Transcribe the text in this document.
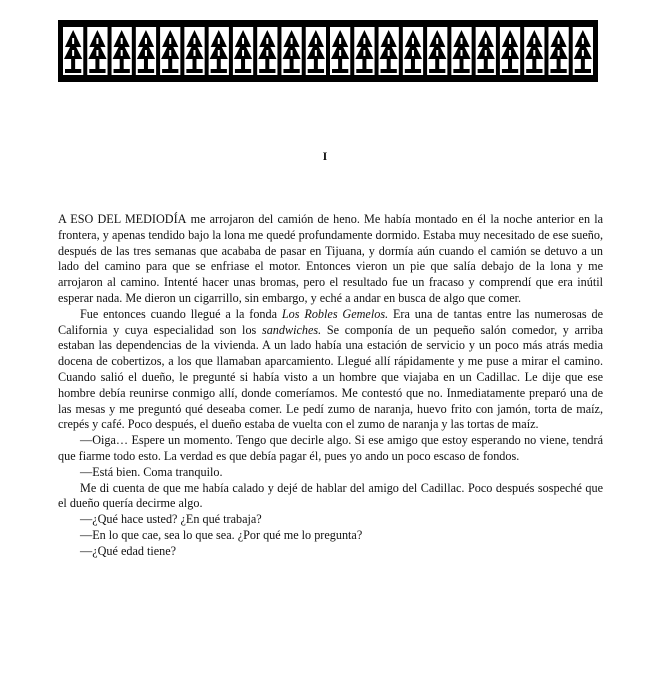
I

A ESO DEL MEDIODÍA me arrojaron del camión de heno. Me había montado en él la noche anterior en la frontera, y apenas tendido bajo la lona me quedé profundamente dormido. Estaba muy necesitado de ese sueño, después de las tres semanas que acababa de pasar en Tijuana, y dormía aún cuando el camión se detuvo a un lado del camino para que se enfriase el motor. Entonces vieron un pie que salía debajo de la lona y me arrojaron al camino. Intenté hacer unas bromas, pero el resultado fue un fracaso y comprendí que era inútil esperar nada. Me dieron un cigarrillo, sin embargo, y eché a andar en busca de algo que comer.

Fue entonces cuando llegué a la fonda Los Robles Gemelos. Era una de tantas entre las numerosas de California y cuya especialidad son los sandwiches. Se componía de un pequeño salón comedor, y arriba estaban las dependencias de la vivienda. A un lado había una estación de servicio y un poco más atrás media docena de cobertizos, a los que llamaban aparcamiento. Llegué allí rápidamente y me puse a mirar el camino. Cuando salió el dueño, le pregunté si había visto a un hombre que viajaba en un Cadillac. Le dije que ese hombre debía reunirse conmigo allí, donde comeríamos. Me contestó que no. Inmediatamente preparó una de las mesas y me preguntó qué deseaba comer. Le pedí zumo de naranja, huevo frito con jamón, torta de maíz, crepés y café. Poco después, el dueño estaba de vuelta con el zumo de naranja y las tortas de maíz.

—Oiga… Espere un momento. Tengo que decirle algo. Si ese amigo que estoy esperando no viene, tendrá que fiarme todo esto. La verdad es que debía pagar él, pues yo ando un poco escaso de fondos.

—Está bien. Coma tranquilo.

Me di cuenta de que me había calado y dejé de hablar del amigo del Cadillac. Poco después sospeché que el dueño quería decirme algo.

—¿Qué hace usted? ¿En qué trabaja?

—En lo que cae, sea lo que sea. ¿Por qué me lo pregunta?

—¿Qué edad tiene?
